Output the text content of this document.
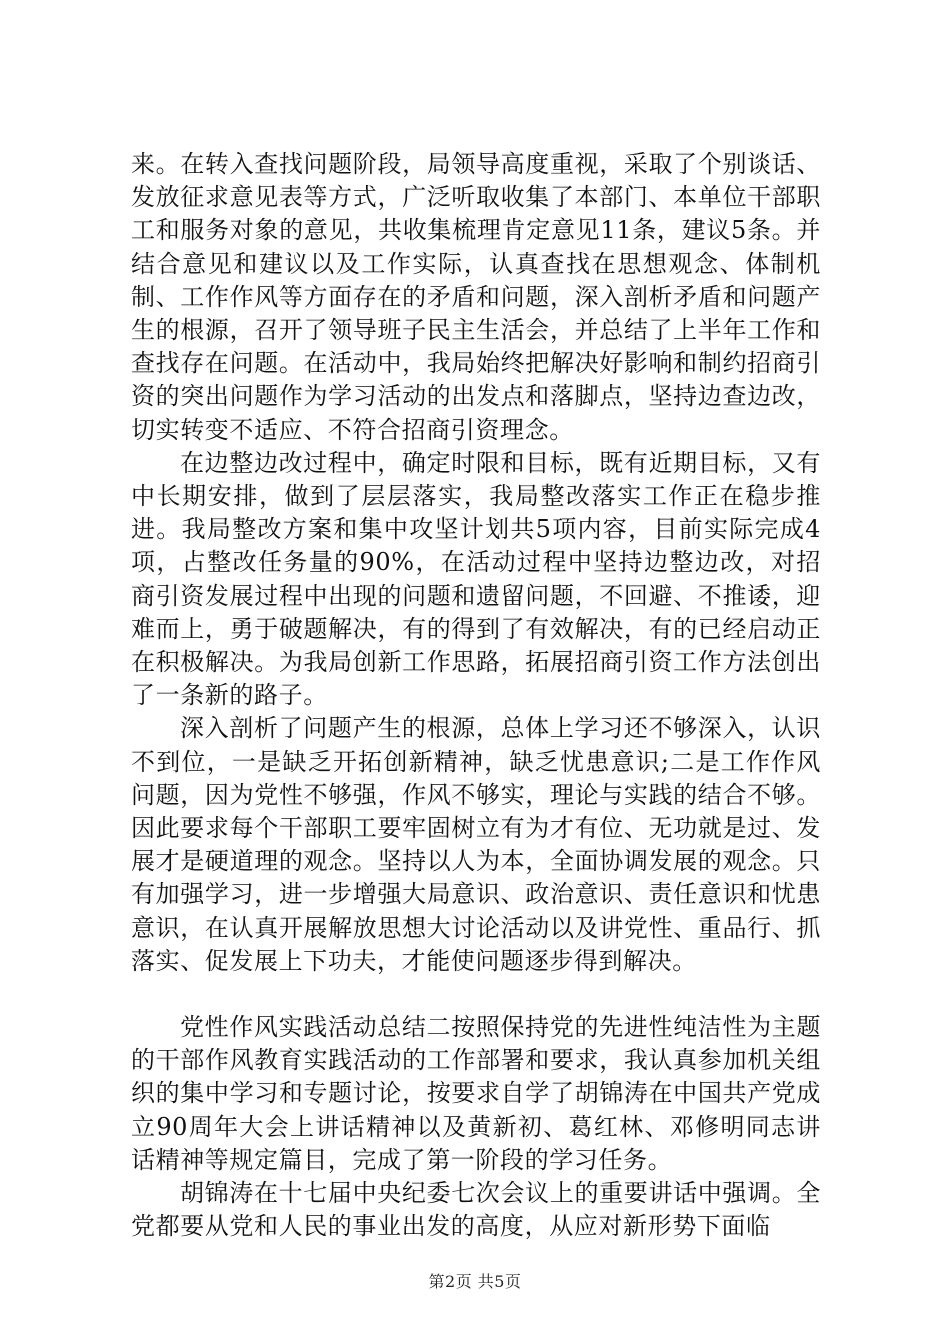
来。在转入查找问题阶段，局领导高度重视，采取了个别谈话、发放征求意见表等方式，广泛听取收集了本部门、本单位干部职工和服务对象的意见，共收集梳理肯定意见11条，建议5条。并结合意见和建议以及工作实际，认真查找在思想观念、体制机制、工作作风等方面存在的矛盾和问题，深入剖析矛盾和问题产生的根源，召开了领导班子民主生活会，并总结了上半年工作和查找存在问题。在活动中，我局始终把解决好影响和制约招商引资的突出问题作为学习活动的出发点和落脚点，坚持边查边改，切实转变不适应、不符合招商引资理念。

在边整边改过程中，确定时限和目标，既有近期目标，又有中长期安排，做到了层层落实，我局整改落实工作正在稳步推进。我局整改方案和集中攻坚计划共5项内容，目前实际完成4项，占整改任务量的90%，在活动过程中坚持边整边改，对招商引资发展过程中出现的问题和遗留问题，不回避、不推诿，迎难而上，勇于破题解决，有的得到了有效解决，有的已经启动正在积极解决。为我局创新工作思路，拓展招商引资工作方法创出了一条新的路子。

深入剖析了问题产生的根源，总体上学习还不够深入，认识不到位，一是缺乏开拓创新精神，缺乏忧患意识;二是工作作风问题，因为党性不够强，作风不够实，理论与实践的结合不够。因此要求每个干部职工要牢固树立有为才有位、无功就是过、发展才是硬道理的观念。坚持以人为本，全面协调发展的观念。只有加强学习，进一步增强大局意识、政治意识、责任意识和忧患意识，在认真开展解放思想大讨论活动以及讲党性、重品行、抓落实、促发展上下功夫，才能使问题逐步得到解决。

党性作风实践活动总结二按照保持党的先进性纯洁性为主题的干部作风教育实践活动的工作部署和要求，我认真参加机关组织的集中学习和专题讨论，按要求自学了胡锦涛在中国共产党成立90周年大会上讲话精神以及黄新初、葛红林、邓修明同志讲话精神等规定篇目，完成了第一阶段的学习任务。

胡锦涛在十七届中央纪委七次会议上的重要讲话中强调。全党都要从党和人民的事业出发的高度，从应对新形势下面临

第2页 共5页
